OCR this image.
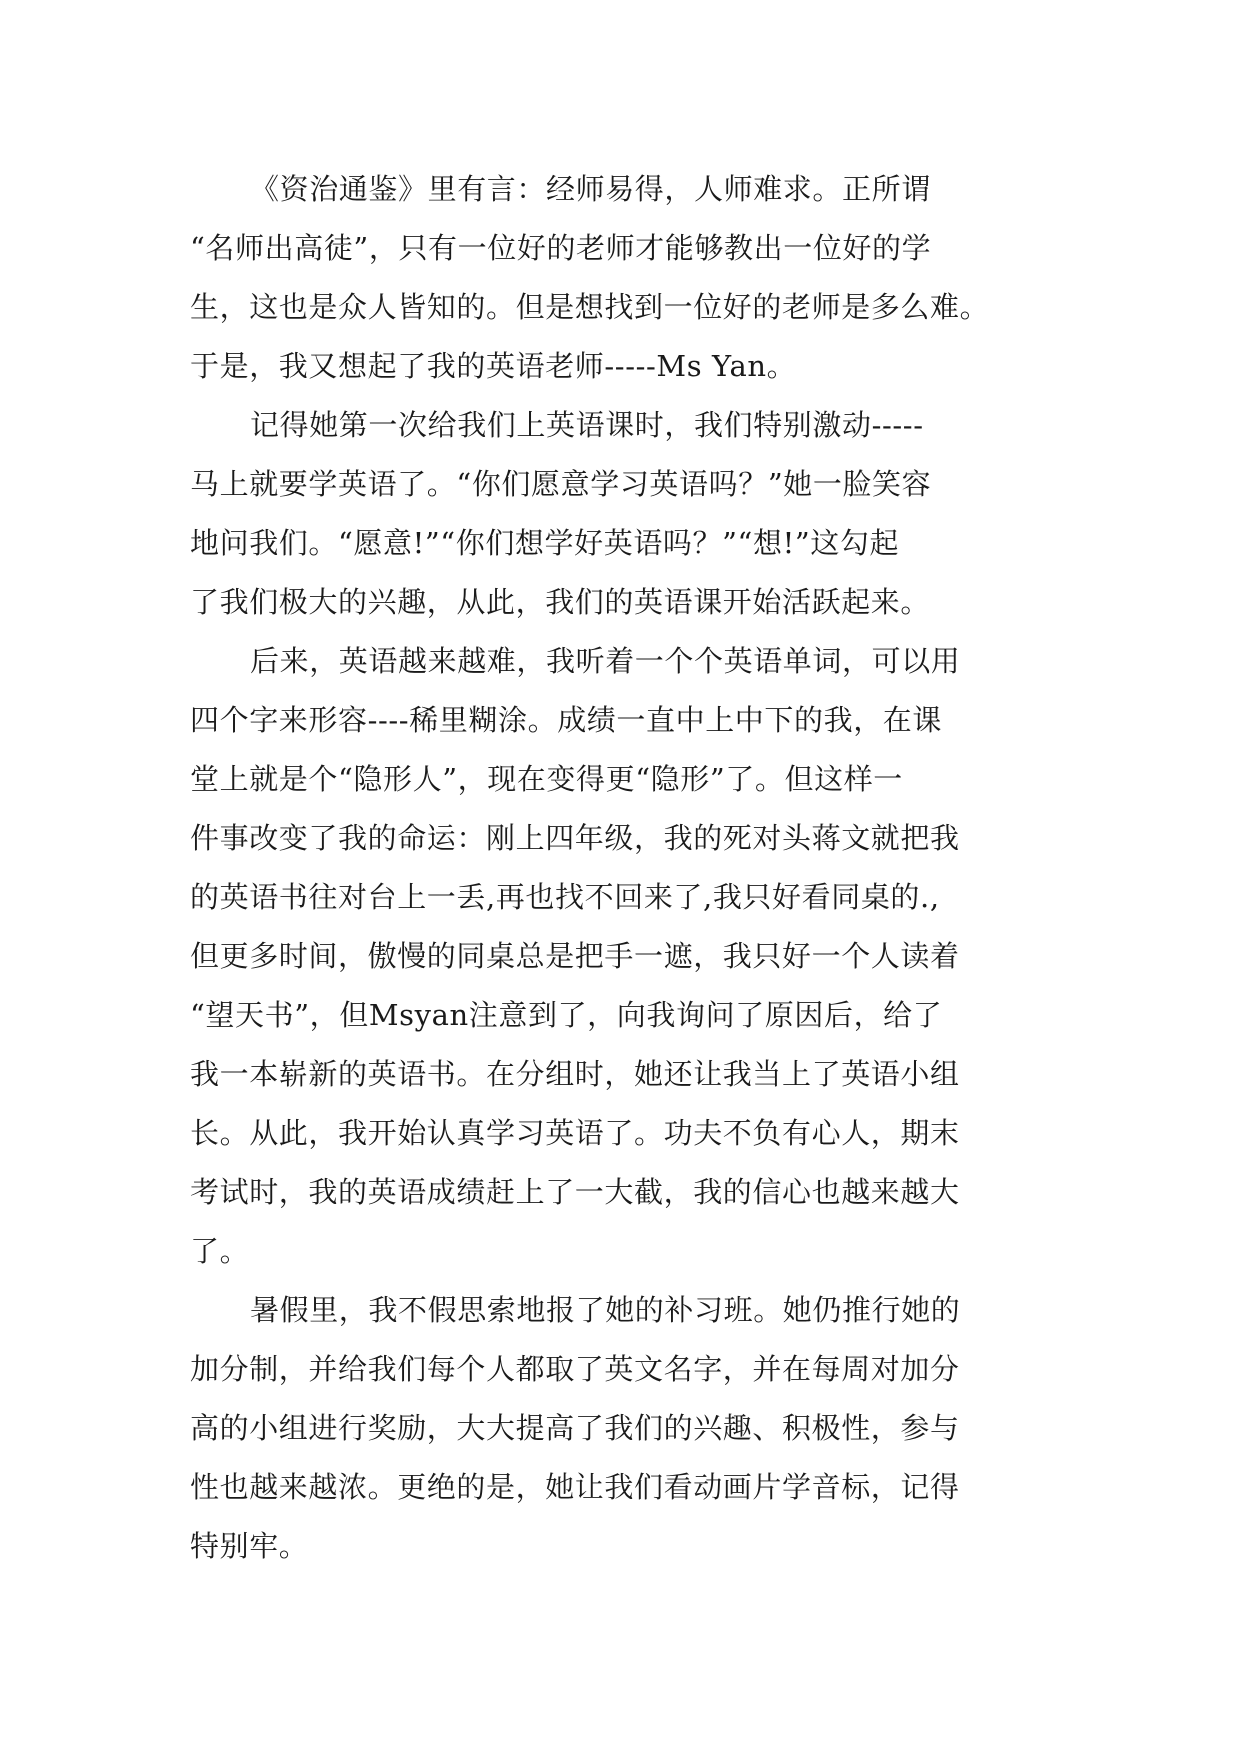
《资治通鉴》里有言：经师易得，人师难求。正所谓
“名师出高徒”，只有一位好的老师才能够教出一位好的学
生，这也是众人皆知的。但是想找到一位好的老师是多么难。
于是，我又想起了我的英语老师-----Ms Yan。

记得她第一次给我们上英语课时，我们特别激动-----
马上就要学英语了。“你们愿意学习英语吗？”她一脸笑容
地问我们。“愿意!”“你们想学好英语吗？”“想!”这勾起
了我们极大的兴趣，从此，我们的英语课开始活跃起来。

后来，英语越来越难，我听着一个个英语单词，可以用
四个字来形容----稀里糊涂。成绩一直中上中下的我，在课
堂上就是个“隐形人”，现在变得更“隐形”了。但这样一
件事改变了我的命运：刚上四年级，我的死对头蒋文就把我
的英语书往对台上一丢,再也找不回来了,我只好看同桌的.,
但更多时间，傲慢的同桌总是把手一遮，我只好一个人读着
“望天书”，但Msyan注意到了，向我询问了原因后，给了
我一本崭新的英语书。在分组时，她还让我当上了英语小组
长。从此，我开始认真学习英语了。功夫不负有心人，期末
考试时，我的英语成绩赶上了一大截，我的信心也越来越大
了。

暑假里，我不假思索地报了她的补习班。她仍推行她的
加分制，并给我们每个人都取了英文名字，并在每周对加分
高的小组进行奖励，大大提高了我们的兴趣、积极性，参与
性也越来越浓。更绝的是，她让我们看动画片学音标，记得
特别牢。
